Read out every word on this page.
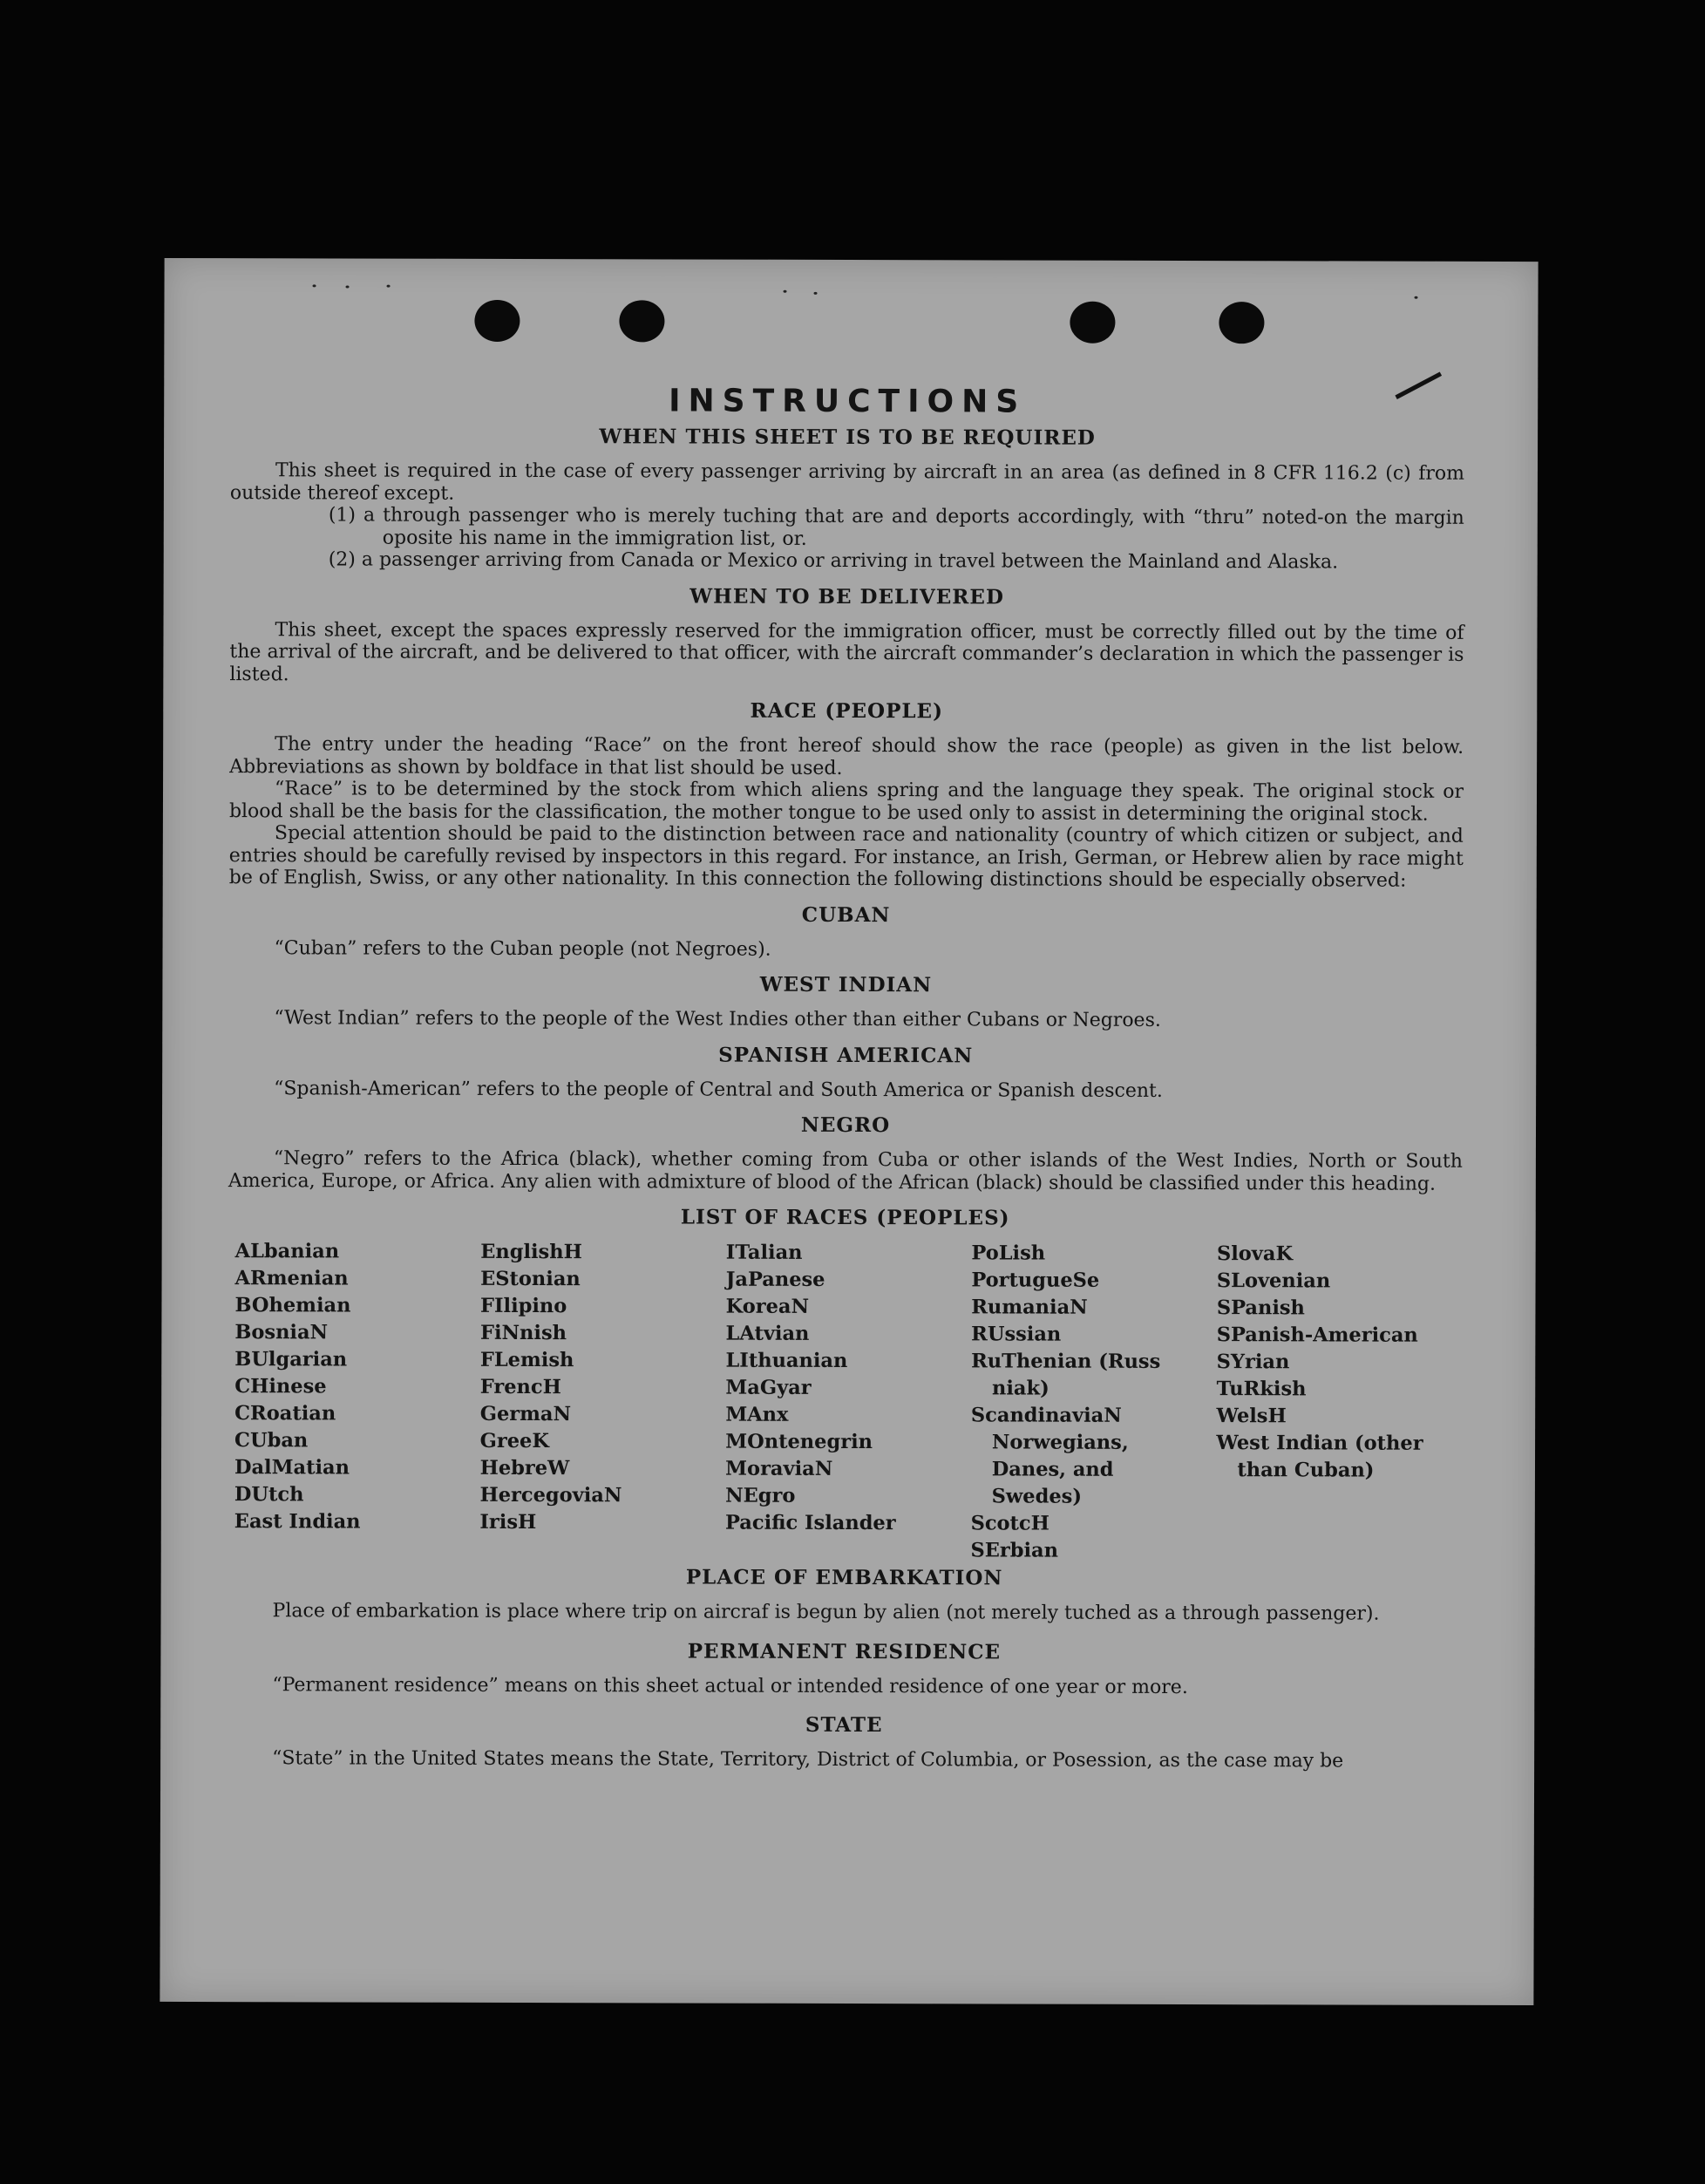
INSTRUCTIONS
WHEN THIS SHEET IS TO BE REQUIRED

This sheet is required in the case of every passenger arriving by aircraft in an area (as defined in 8 CFR 116.2 (c) from outside thereof except.

(1) a through passenger who is merely tuching that are and deports accordingly, with “thru” noted-on the margin oposite his name in the immigration list, or.

(2) a passenger arriving from Canada or Mexico or arriving in travel between the Mainland and Alaska.

WHEN TO BE DELIVERED

This sheet, except the spaces expressly reserved for the immigration officer, must be correctly filled out by the time of the arrival of the aircraft, and be delivered to that officer, with the aircraft commander’s declaration in which the passenger is listed.

RACE (PEOPLE)

The entry under the heading “Race” on the front hereof should show the race (people) as given in the list below. Abbreviations as shown by boldface in that list should be used.

“Race” is to be determined by the stock from which aliens spring and the language they speak. The original stock or blood shall be the basis for the classification, the mother tongue to be used only to assist in determining the original stock.

Special attention should be paid to the distinction between race and nationality (country of which citizen or subject, and entries should be carefully revised by inspectors in this regard. For instance, an Irish, German, or Hebrew alien by race might be of English, Swiss, or any other nationality. In this connection the following distinctions should be especially observed:

CUBAN

“Cuban” refers to the Cuban people (not Negroes).

WEST INDIAN

“West Indian” refers to the people of the West Indies other than either Cubans or Negroes.

SPANISH AMERICAN

“Spanish-American” refers to the people of Central and South America or Spanish descent.

NEGRO

“Negro” refers to the Africa (black), whether coming from Cuba or other islands of the West Indies, North or South America, Europe, or Africa. Any alien with admixture of blood of the African (black) should be classified under this heading.

LIST OF RACES (PEOPLES)
ALbanian
ARmenian
BOhemian
BosniaN
BUlgarian
CHinese
CRoatian
CUban
DalMatian
DUtch
East Indian
EnglishH
EStonian
FIlipino
FiNnish
FLemish
FrencH
GermaN
GreeK
HebreW
HercegoviaN
IrisH
ITalian
JaPanese
KoreaN
LAtvian
LIthuanian
MaGyar
MAnx
MOntenegrin
MoraviaN
NEgro
Pacific Islander
PoLish
PortugueSe
RumaniaN
RUssian
RuThenian (Russ niak)
ScandinaviaN Norwegians, Danes, and Swedes)
ScotcH
SErbian
SlovaK
SLovenian
SPanish
SPanish-American
SYrian
TuRkish
WelsH
West Indian (other than Cuban)
PLACE OF EMBARKATION

Place of embarkation is place where trip on aircraf is begun by alien (not merely tuched as a through passenger).

PERMANENT RESIDENCE

“Permanent residence” means on this sheet actual or intended residence of one year or more.

STATE

“State” in the United States means the State, Territory, District of Columbia, or Posession, as the case may be
